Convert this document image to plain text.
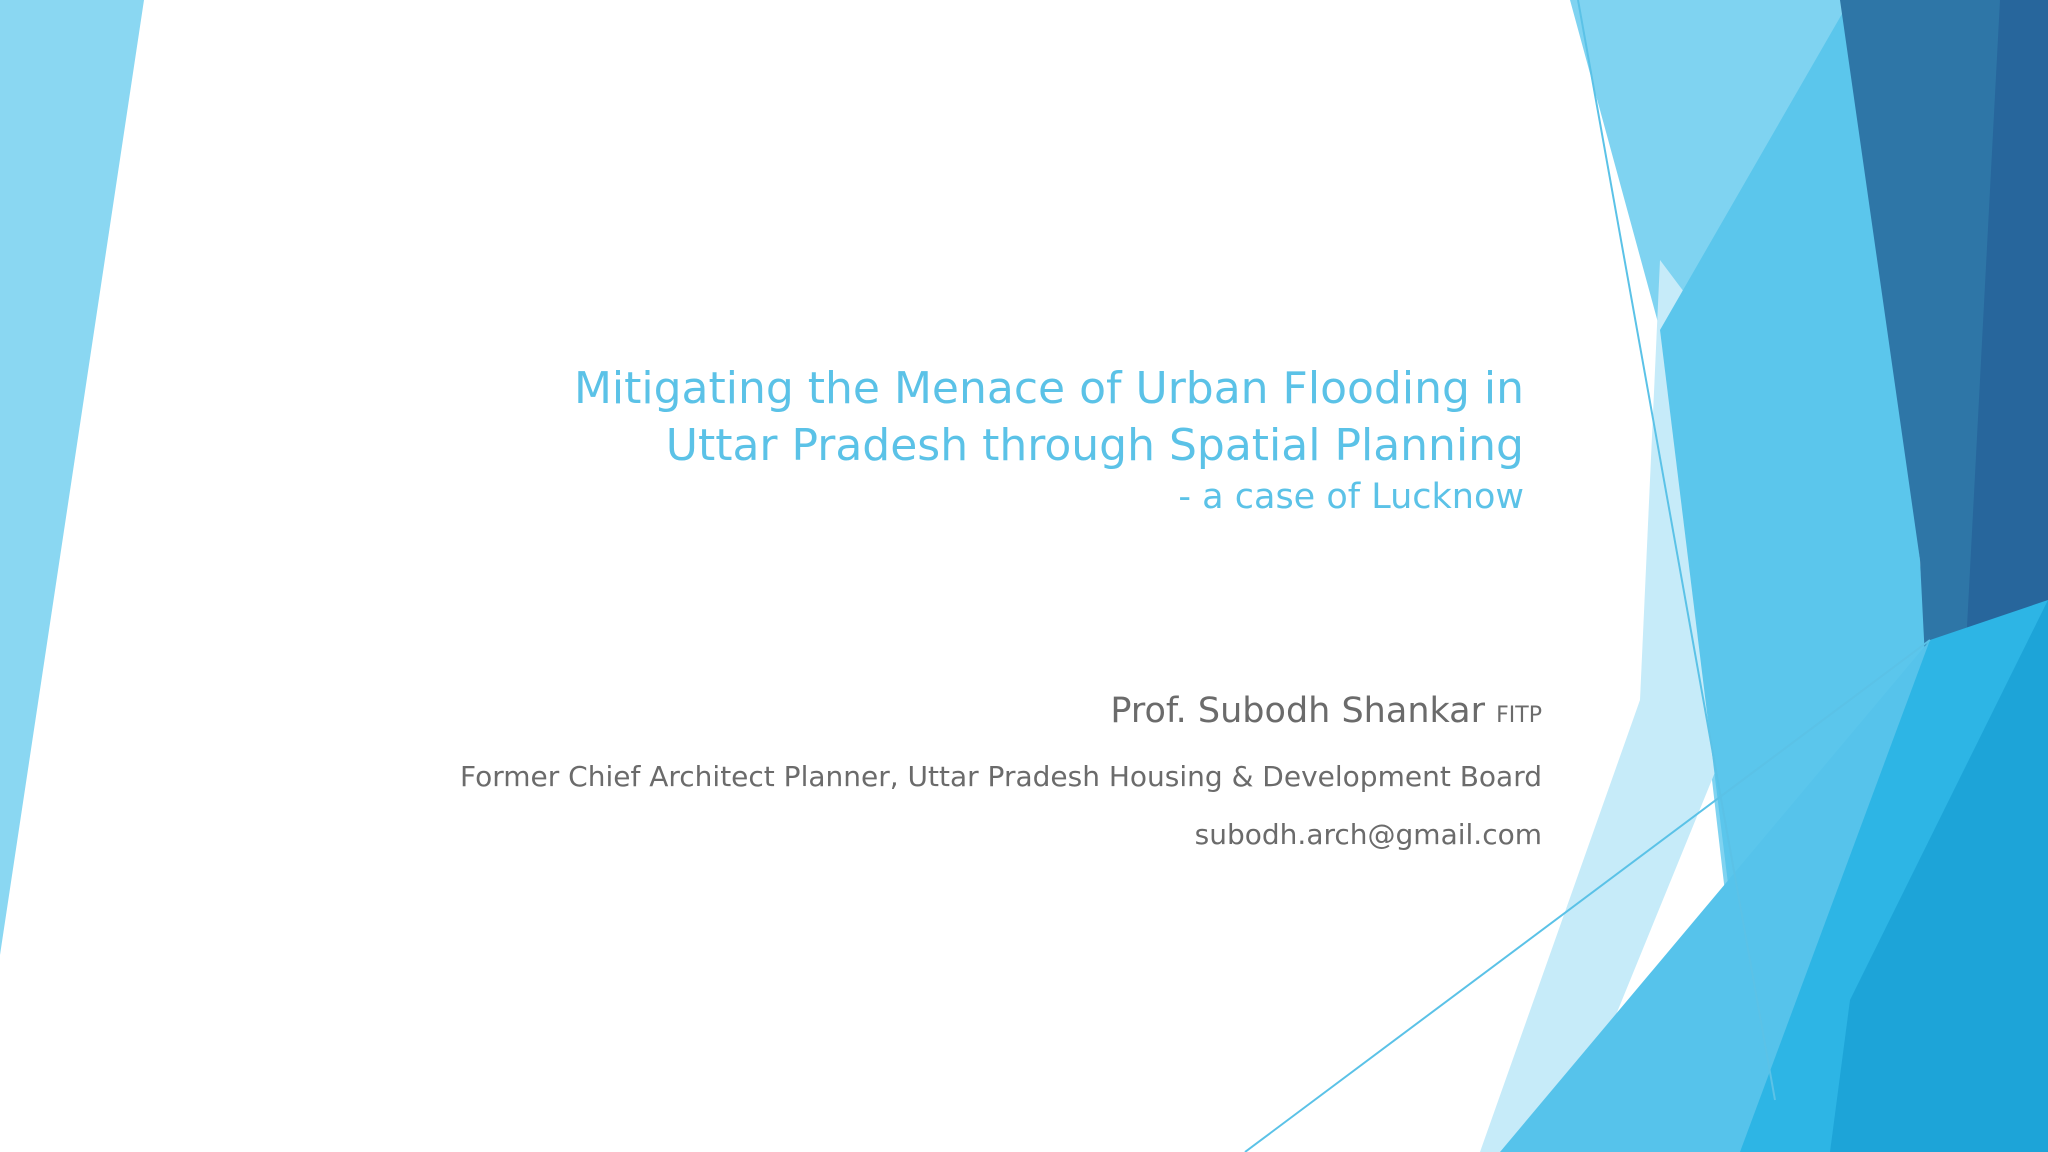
Mitigating the Menace of Urban Flooding in
Uttar Pradesh through Spatial Planning
- a case of Lucknow
Prof. Subodh Shankar FITP
Former Chief Architect Planner, Uttar Pradesh Housing & Development Board
subodh.arch@gmail.com
